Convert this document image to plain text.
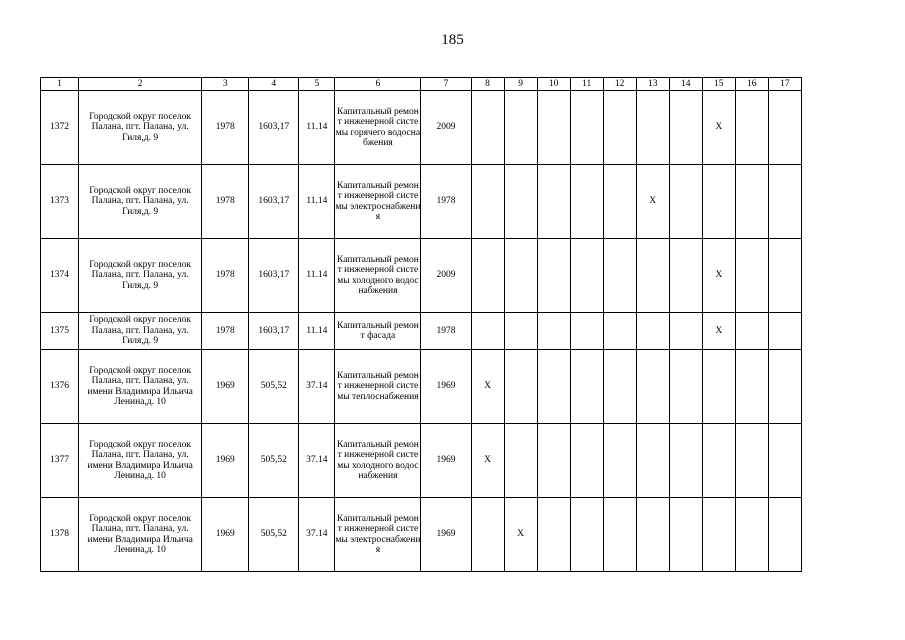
185
1	2	3	4	5	6	7	8	9	10	11	12	13	14	15	16	17
1372	Городской округ поселок Палана, пгт. Палана, ул. Гиля,д. 9	1978	1603,17	11.14	Капитальный ремонт инженерной системы горячего водоснабжения	2009								X		
1373	Городской округ поселок Палана, пгт. Палана, ул. Гиля,д. 9	1978	1603,17	11.14	Капитальный ремонт инженерной системы электроснабжения	1978						X				
1374	Городской округ поселок Палана, пгт. Палана, ул. Гиля,д. 9	1978	1603,17	11.14	Капитальный ремонт инженерной системы холодного водоснабжения	2009								X		
1375	Городской округ поселок Палана, пгт. Палана, ул. Гиля,д. 9	1978	1603,17	11.14	Капитальный ремонт фасада	1978								X		
1376	Городской округ поселок Палана, пгт. Палана, ул. имени Владимира Ильича Ленина,д. 10	1969	505,52	37.14	Капитальный ремонт инженерной системы теплоснабжения	1969	X									
1377	Городской округ поселок Палана, пгт. Палана, ул. имени Владимира Ильича Ленина,д. 10	1969	505,52	37.14	Капитальный ремонт инженерной системы холодного водоснабжения	1969	X									
1378	Городской округ поселок Палана, пгт. Палана, ул. имени Владимира Ильича Ленина,д. 10	1969	505,52	37.14	Капитальный ремонт инженерной системы электроснабжения	1969		X								
